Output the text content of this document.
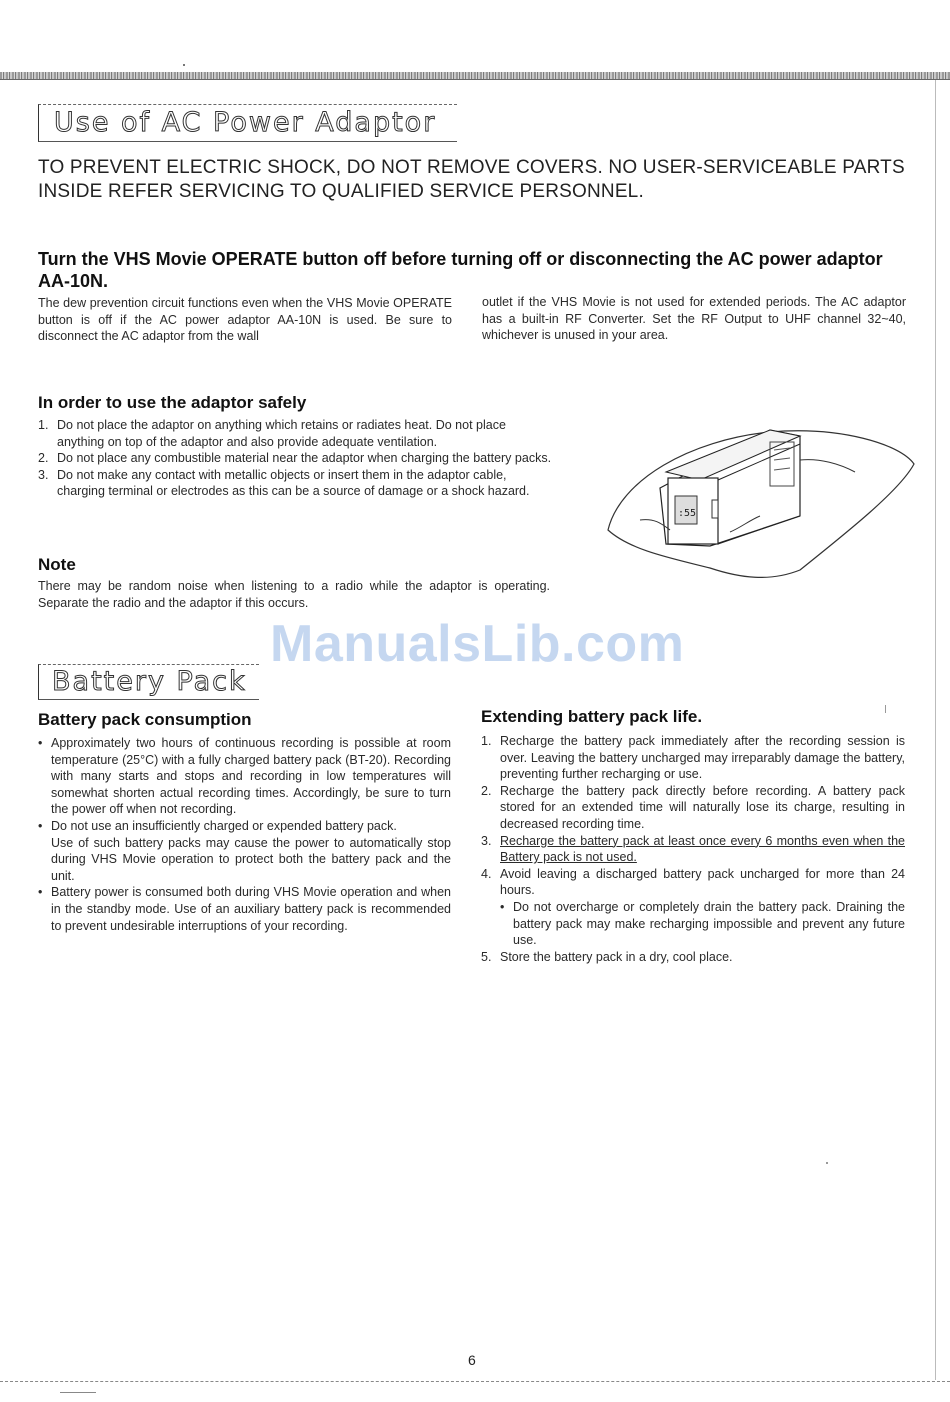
Use of AC Power Adaptor
TO PREVENT ELECTRIC SHOCK, DO NOT REMOVE COVERS. NO USER-SERVICEABLE PARTS INSIDE REFER SERVICING TO QUALIFIED SERVICE PERSONNEL.
Turn the VHS Movie OPERATE button off before turning off or disconnecting the AC power adaptor AA-10N.
The dew prevention circuit functions even when the VHS Movie OPERATE button is off if the AC power adaptor AA-10N is used. Be sure to disconnect the AC adaptor from the wall
outlet if the VHS Movie is not used for extended periods. The AC adaptor has a built-in RF Converter. Set the RF Output to UHF channel 32~40, whichever is unused in your area.
In order to use the adaptor safely
1. Do not place the adaptor on anything which retains or radiates heat. Do not place anything on top of the adaptor and also provide adequate ventilation.
2. Do not place any combustible material near the adaptor when charging the battery packs.
3. Do not make any contact with metallic objects or insert them in the adaptor cable, charging terminal or electrodes as this can be a source of damage or a shock hazard.
:55
Note
There may be random noise when listening to a radio while the adaptor is operating. Separate the radio and the adaptor if this occurs.
ManualsLib.com
Battery Pack
Battery pack consumption
• Approximately two hours of continuous recording is possible at room temperature (25°C) with a fully charged battery pack (BT-20). Recording with many starts and stops and recording in low temperatures will somewhat shorten actual recording times. Accordingly, be sure to turn the power off when not recording.
• Do not use an insufficiently charged or expended battery pack.
Use of such battery packs may cause the power to automatically stop during VHS Movie operation to protect both the battery pack and the unit.
• Battery power is consumed both during VHS Movie operation and when in the standby mode. Use of an auxiliary battery pack is recommended to prevent undesirable interruptions of your recording.
Extending battery pack life.
1. Recharge the battery pack immediately after the recording session is over. Leaving the battery uncharged may irreparably damage the battery, preventing further recharging or use.
2. Recharge the battery pack directly before recording. A battery pack stored for an extended time will naturally lose its charge, resulting in decreased recording time.
3. Recharge the battery pack at least once every 6 months even when the Battery pack is not used.
4. Avoid leaving a discharged battery pack uncharged for more than 24 hours.
• Do not overcharge or completely drain the battery pack. Draining the battery pack may make recharging impossible and prevent any future use.
5. Store the battery pack in a dry, cool place.
6
